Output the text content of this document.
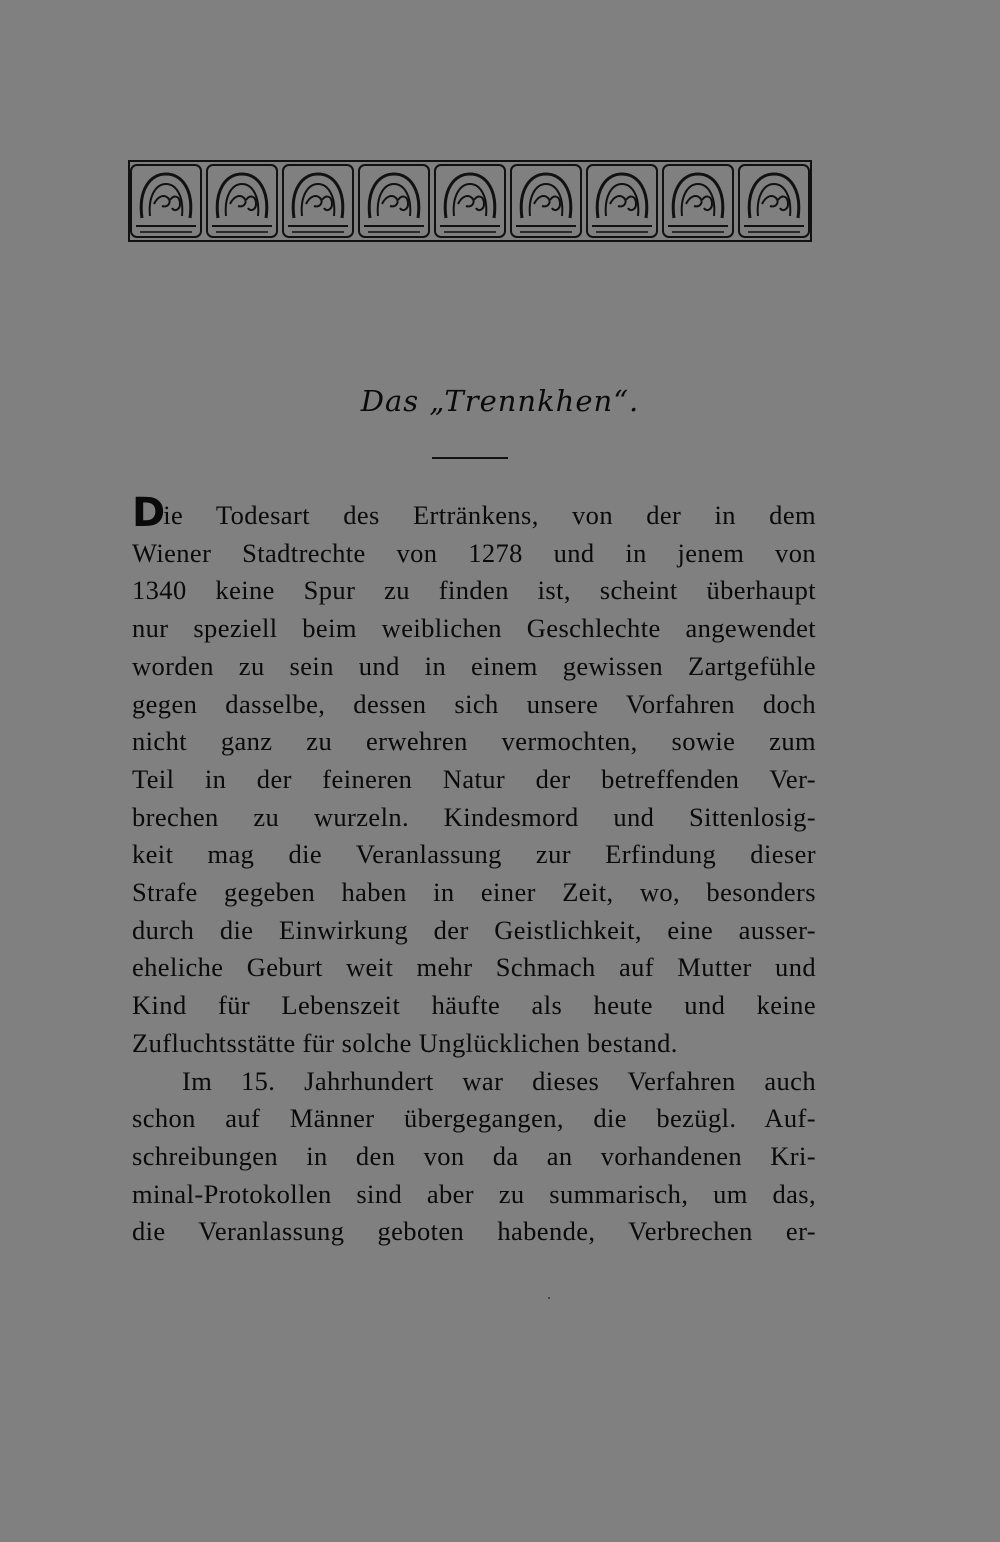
Das „Trennkhen“.

Die Todesart des Ertränkens, von der in dem
Wiener Stadtrechte von 1278 und in jenem von
1340 keine Spur zu finden ist, scheint überhaupt
nur speziell beim weiblichen Geschlechte angewendet
worden zu sein und in einem gewissen Zartgefühle
gegen dasselbe, dessen sich unsere Vorfahren doch
nicht ganz zu erwehren vermochten, sowie zum
Teil in der feineren Natur der betreffenden Ver-
brechen zu wurzeln. Kindesmord und Sittenlosig-
keit mag die Veranlassung zur Erfindung dieser
Strafe gegeben haben in einer Zeit, wo, besonders
durch die Einwirkung der Geistlichkeit, eine ausser-
eheliche Geburt weit mehr Schmach auf Mutter und
Kind für Lebenszeit häufte als heute und keine
Zufluchtsstätte für solche Unglücklichen bestand.

Im 15. Jahrhundert war dieses Verfahren auch
schon auf Männer übergegangen, die bezügl. Auf-
schreibungen in den von da an vorhandenen Kri-
minal-Protokollen sind aber zu summarisch, um das,
die Veranlassung geboten habende, Verbrechen er-
